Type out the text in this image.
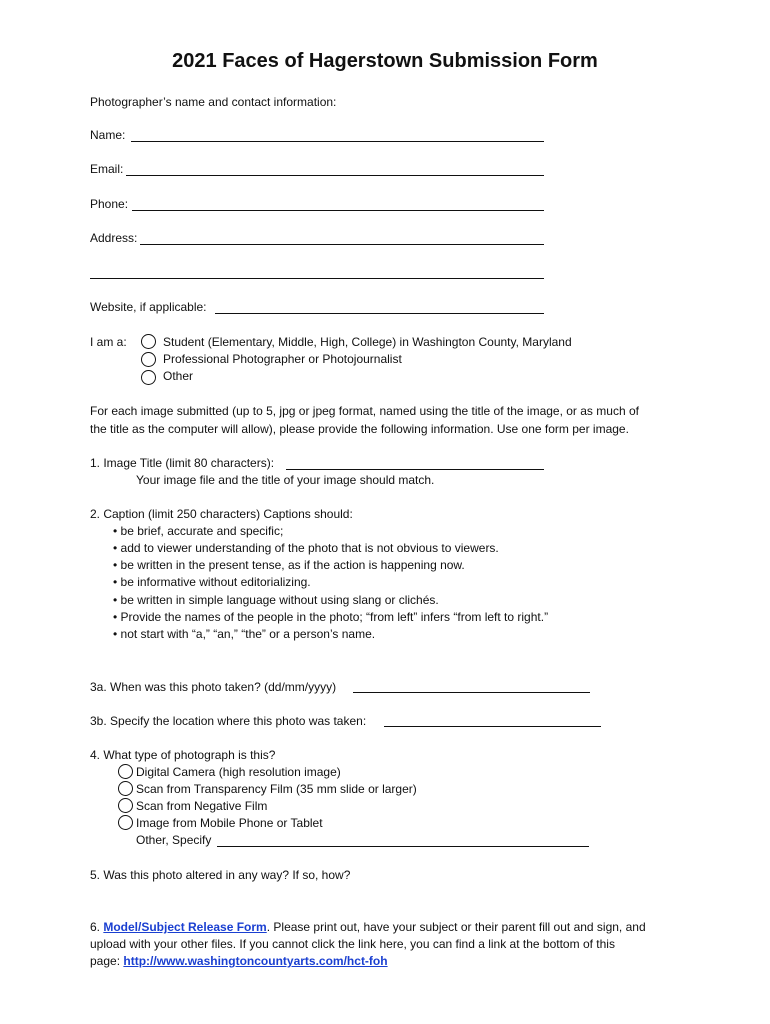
2021 Faces of Hagerstown Submission Form
Photographer’s name and contact information:
Name:
Email:
Phone:
Address:
Website, if applicable:
I am a:	Student (Elementary, Middle, High, College) in Washington County, Maryland
Professional Photographer or Photojournalist
Other
For each image submitted (up to 5, jpg or jpeg format, named using the title of the image, or as much of
the title as the computer will allow), please provide the following information. Use one form per image.
1. Image Title (limit 80 characters):
Your image file and the title of your image should match.
2. Caption (limit 250 characters) Captions should:
• be brief, accurate and specific;
• add to viewer understanding of the photo that is not obvious to viewers.
• be written in the present tense, as if the action is happening now.
• be informative without editorializing.
• be written in simple language without using slang or clichés.
• Provide the names of the people in the photo; “from left” infers “from left to right.”
• not start with “a,” “an,” “the” or a person’s name.
3a. When was this photo taken? (dd/mm/yyyy)
3b. Specify the location where this photo was taken:
4. What type of photograph is this?
Digital Camera (high resolution image)
Scan from Transparency Film (35 mm slide or larger)
Scan from Negative Film
Image from Mobile Phone or Tablet
Other, Specify
5. Was this photo altered in any way? If so, how?
6. Model/Subject Release Form. Please print out, have your subject or their parent fill out and sign, and
upload with your other files. If you cannot click the link here, you can find a link at the bottom of this
page: http://www.washingtoncountyarts.com/hct-foh
